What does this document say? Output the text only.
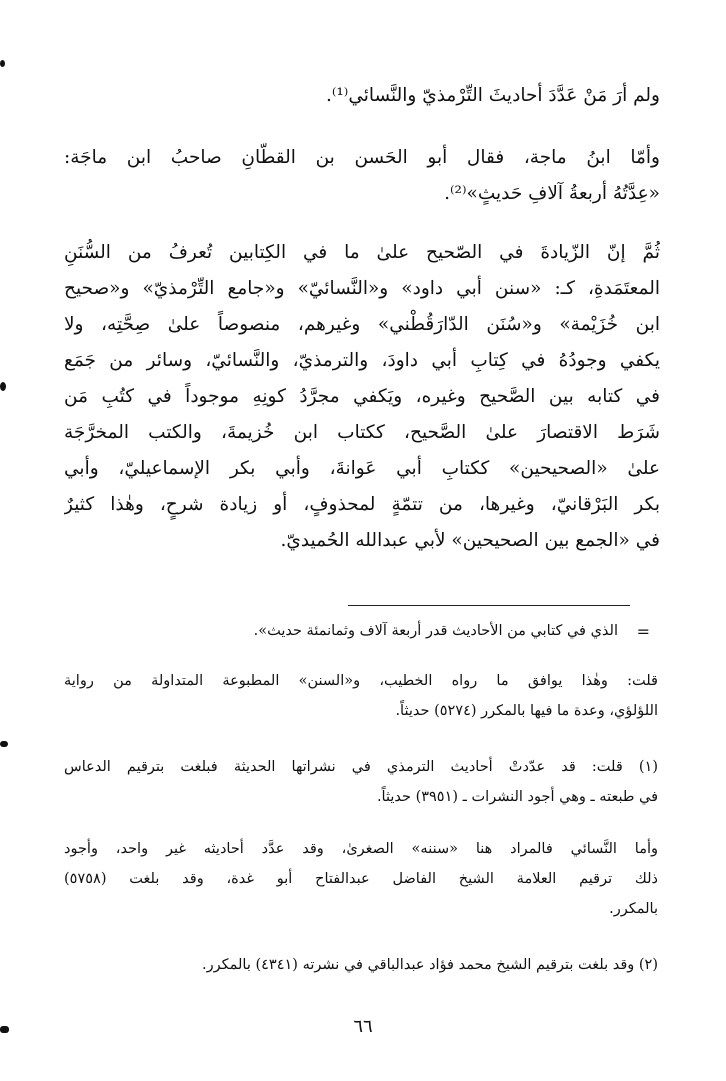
ولم أرَ مَنْ عَدَّدَ أحاديثَ التِّرْمذيّ والنَّسائي⁽¹⁾.
وأمّا ابنُ ماجة، فقال أبو الحَسن بن القطّانِ صاحبُ ابن ماجَة:
«عِدَّتُهُ أربعةُ آلافِ حَديثٍ»⁽²⁾.
ثُمَّ إنّ الزّيادةَ في الصّحيح علىٰ ما في الكِتابين تُعرفُ من السُّنَنِ
المعتَمَدةِ، كـ: «سنن أبي داود» و«النَّسائيّ» و«جامع التِّرْمذيّ» و«صحيح
ابن خُزَيْمة» و«سُنَن الدّارَقُطْني» وغيرهم، منصوصاً علىٰ صِحَّتِه، ولا
يكفي وجودُهُ في كِتابِ أبي داودَ، والترمذيّ، والنَّسائيّ، وسائر من جَمَع
في كتابه بين الصَّحيح وغيره، ويَكفي مجرَّدُ كونِهِ موجوداً في كتُبِ مَن
شَرَط الاقتصارَ علىٰ الصَّحيح، ككتاب ابن خُزيمةَ، والكتب المخرَّجَة
علىٰ «الصحيحين» ككتابِ أبي عَوانةَ، وأبي بكر الإسماعيليّ، وأبي
بكر البَرْقانيّ، وغيرها، من تتمّةٍ لمحذوفٍ، أو زيادة شرحٍ، وهٰذا كثيرٌ
في «الجمع بين الصحيحين» لأبي عبدالله الحُميديّ.
=
الذي في كتابي من الأحاديث قدر أربعة آلاف وثمانمئة حديث».
قلت: وهٰذا يوافق ما رواه الخطيب، و«السنن» المطبوعة المتداولة من رواية
اللؤلؤي، وعدة ما فيها بالمكرر (٥٢٧٤) حديثاً.
(١) قلت: قد عدّدتْ أحاديث الترمذي في نشراتها الحديثة فبلغت بترقيم الدعاس
في طبعته ـ وهي أجود النشرات ـ (٣٩٥١) حديثاً.
وأما النَّسائي فالمراد هنا «سننه» الصغرىٰ، وقد عدَّد أحاديثه غير واحد، وأجود
ذلك ترقيم العلامة الشيخ الفاضل عبدالفتاح أبو غدة، وقد بلغت (٥٧٥٨)
بالمكرر.
(٢) وقد بلغت بترقيم الشيخ محمد فؤاد عبدالباقي في نشرته (٤٣٤١) بالمكرر.
٦٦
